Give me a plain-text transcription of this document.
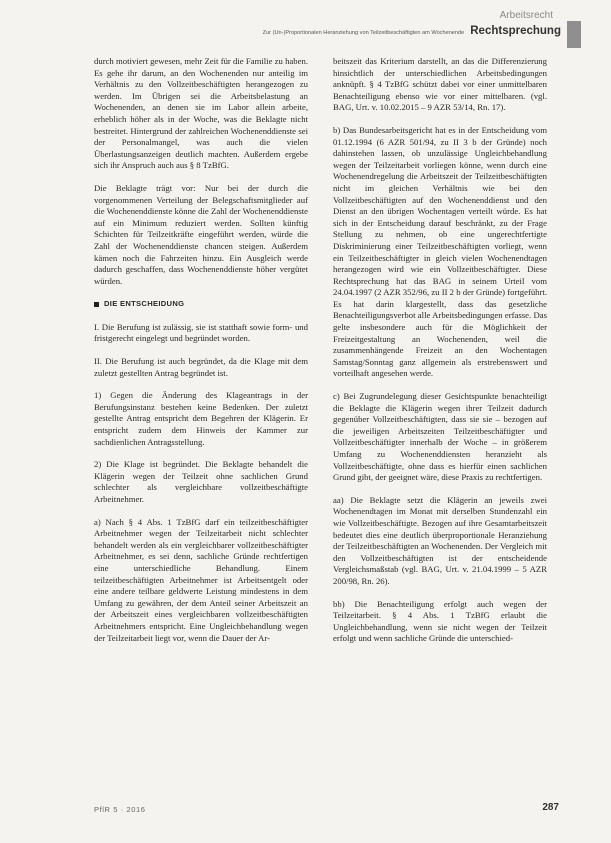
Arbeitsrecht
Zur (Un-)Proportionalen Heranziehung von Teilzeitbeschäftigten am Wochenende Rechtsprechung

durch motiviert gewesen, mehr Zeit für die Familie zu haben. Es gehe ihr darum, an den Wochenenden nur anteilig im Verhältnis zu den Vollzeitbeschäftigten herangezogen zu werden. Im Übrigen sei die Arbeitsbelastung an Wochenenden, an denen sie im Labor allein arbeite, erheblich höher als in der Woche, was die Beklagte nicht bestreitet. Hintergrund der zahlreichen Wochenenddienste sei der Personalmangel, was auch die vielen Überlastungsanzeigen deutlich machten. Außerdem ergebe sich ihr Anspruch auch aus § 8 TzBfG.

Die Beklagte trägt vor: Nur bei der durch die vorgenommenen Verteilung der Belegschaftsmitglieder auf die Wochenenddienste könne die Zahl der Wochenenddienste auf ein Minimum reduziert werden. Sollten künftig Schichten für Teilzeitkräfte eingeführt werden, würde die Zahl der Wochenenddienste chancen steigen. Außerdem kämen noch die Fahrzeiten hinzu. Ein Ausgleich werde dadurch geschaffen, dass Wochenenddienste höher vergütet würden.

DIE ENTSCHEIDUNG

I. Die Berufung ist zulässig, sie ist statthaft sowie form- und fristgerecht eingelegt und begründet worden.

II. Die Berufung ist auch begründet, da die Klage mit dem zuletzt gestellten Antrag begründet ist.

1) Gegen die Änderung des Klageantrags in der Berufungsinstanz bestehen keine Bedenken. Der zuletzt gestellte Antrag entspricht dem Begehren der Klägerin. Er entspricht zudem dem Hinweis der Kammer zur sachdienlichen Antragsstellung.

2) Die Klage ist begründet. Die Beklagte behandelt die Klägerin wegen der Teilzeit ohne sachlichen Grund schlechter als vergleichbare vollzeitbeschäftigte Arbeitnehmer.

a) Nach § 4 Abs. 1 TzBfG darf ein teilzeitbeschäftigter Arbeitnehmer wegen der Teilzeitarbeit nicht schlechter behandelt werden als ein vergleichbarer vollzeitbeschäftigter Arbeitnehmer, es sei denn, sachliche Gründe rechtfertigen eine unterschiedliche Behandlung. Einem teilzeitbeschäftigten Arbeitnehmer ist Arbeitsentgelt oder eine andere teilbare geldwerte Leistung mindestens in dem Umfang zu gewähren, der dem Anteil seiner Arbeitszeit an der Arbeitszeit eines vergleichbaren vollzeitbeschäftigten Arbeitnehmers entspricht. Eine Ungleichbehandlung wegen der Teilzeitarbeit liegt vor, wenn die Dauer der Ar-

beitszeit das Kriterium darstellt, an das die Differenzierung hinsichtlich der unterschiedlichen Arbeitsbedingungen anknüpft. § 4 TzBfG schützt dabei vor einer unmittelbaren Benachteiligung ebenso wie vor einer mittelbaren. (vgl. BAG, Urt. v. 10.02.2015 – 9 AZR 53/14, Rn. 17).

b) Das Bundesarbeitsgericht hat es in der Entscheidung vom 01.12.1994 (6 AZR 501/94, zu II 3 b der Gründe) noch dahinstehen lassen, ob unzulässige Ungleichbehandlung wegen der Teilzeitarbeit vorliegen könne, wenn durch eine Wochenendregelung die Arbeitszeit der Teilzeitbeschäftigten nicht im gleichen Verhältnis wie bei den Vollzeitbeschäftigten auf den Wochenenddienst und den Dienst an den übrigen Wochentagen verteilt würde. Es hat sich in der Entscheidung darauf beschränkt, zu der Frage Stellung zu nehmen, ob eine ungerechtfertigte Diskriminierung einer Teilzeitbeschäftigten vorliegt, wenn ein Teilzeitbeschäftigter in gleich vielen Wochenendtagen herangezogen wird wie ein Vollzeitbeschäftigter. Diese Rechtsprechung hat das BAG in seinem Urteil vom 24.04.1997 (2 AZR 352/96, zu II 2 b der Gründe) fortgeführt. Es hat darin klargestellt, dass das gesetzliche Benachteiligungsverbot alle Arbeitsbedingungen erfasse. Das gelte insbesondere auch für die Möglichkeit der Freizeitgestaltung an Wochenenden, weil die zusammenhängende Freizeit an den Wochentagen Samstag/Sonntag ganz allgemein als erstrebenswert und vorteilhaft angesehen werde.

c) Bei Zugrundelegung dieser Gesichtspunkte benachteiligt die Beklagte die Klägerin wegen ihrer Teilzeit dadurch gegenüber Vollzeitbeschäftigten, dass sie sie – bezogen auf die jeweiligen Arbeitszeiten Teilzeitbeschäftigter und Vollzeitbeschäftigter innerhalb der Woche – in größerem Umfang zu Wochenenddiensten heranzieht als Vollzeitbeschäftigte, ohne dass es hierfür einen sachlichen Grund gibt, der geeignet wäre, diese Praxis zu rechtfertigen.

aa) Die Beklagte setzt die Klägerin an jeweils zwei Wochenendtagen im Monat mit derselben Stundenzahl ein wie Vollzeitbeschäftigte. Bezogen auf ihre Gesamtarbeitszeit bedeutet dies eine deutlich überproportionale Heranziehung der Teilzeitbeschäftigten an Wochenenden. Der Vergleich mit den Vollzeitbeschäftigten ist der entscheidende Vergleichsmaßstab (vgl. BAG, Urt. v. 21.04.1999 – 5 AZR 200/98, Rn. 26).

bb) Die Benachteiligung erfolgt auch wegen der Teilzeitarbeit. § 4 Abs. 1 TzBfG erlaubt die Ungleichbehandlung, wenn sie nicht wegen der Teilzeit erfolgt und wenn sachliche Gründe die unterschied-

PflR 5 · 2016	287
